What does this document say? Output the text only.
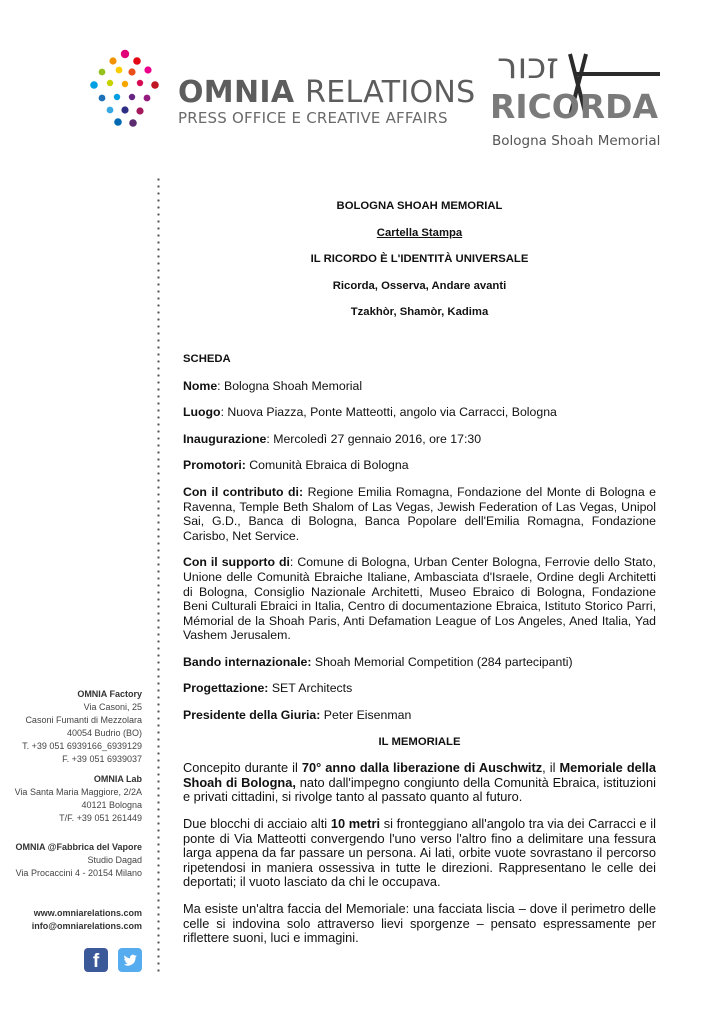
OMNIA RELATIONS
PRESS OFFICE E CREATIVE AFFAIRS
זכור
RICORDA
Bologna Shoah Memorial
OMNIA Factory
Via Casoni, 25
Casoni Fumanti di Mezzolara
40054 Budrio (BO)
T. +39 051 6939166_6939129
F. +39 051 6939037
OMNIA Lab
Via Santa Maria Maggiore, 2/2A
40121 Bologna
T/F. +39 051 261449
OMNIA @Fabbrica del Vapore
Studio Dagad
Via Procaccini 4 - 20154 Milano
www.omniarelations.com
info@omniarelations.com
f

BOLOGNA SHOAH MEMORIAL

Cartella Stampa

IL RICORDO È L'IDENTITÀ UNIVERSALE

Ricorda, Osserva, Andare avanti

Tzakhòr, Shamòr, Kadima

SCHEDA

Nome: Bologna Shoah Memorial

Luogo: Nuova Piazza, Ponte Matteotti, angolo via Carracci, Bologna

Inaugurazione: Mercoledì 27 gennaio 2016, ore 17:30

Promotori: Comunità Ebraica di Bologna

Con il contributo di: Regione Emilia Romagna, Fondazione del Monte di Bologna e Ravenna, Temple Beth Shalom of Las Vegas, Jewish Federation of Las Vegas, Unipol Sai, G.D., Banca di Bologna, Banca Popolare dell'Emilia Romagna, Fondazione Carisbo, Net Service.

Con il supporto di: Comune di Bologna, Urban Center Bologna, Ferrovie dello Stato, Unione delle Comunità Ebraiche Italiane, Ambasciata d'Israele, Ordine degli Architetti di Bologna, Consiglio Nazionale Architetti, Museo Ebraico di Bologna, Fondazione Beni Culturali Ebraici in Italia, Centro di documentazione Ebraica, Istituto Storico Parri, Mémorial de la Shoah Paris, Anti Defamation League of Los Angeles, Aned Italia, Yad Vashem Jerusalem.

Bando internazionale: Shoah Memorial Competition (284 partecipanti)

Progettazione: SET Architects

Presidente della Giuria: Peter Eisenman

IL MEMORIALE

Concepito durante il 70° anno dalla liberazione di Auschwitz, il Memoriale della Shoah di Bologna, nato dall'impegno congiunto della Comunità Ebraica, istituzioni e privati cittadini, si rivolge tanto al passato quanto al futuro.

Due blocchi di acciaio alti 10 metri si fronteggiano all'angolo tra via dei Carracci e il ponte di Via Matteotti convergendo l'uno verso l'altro fino a delimitare una fessura larga appena da far passare un persona. Ai lati, orbite vuote sovrastano il percorso ripetendosi in maniera ossessiva in tutte le direzioni. Rappresentano le celle dei deportati; il vuoto lasciato da chi le occupava.

Ma esiste un'altra faccia del Memoriale: una facciata liscia – dove il perimetro delle celle si indovina solo attraverso lievi sporgenze – pensato espressamente per riflettere suoni, luci e immagini.
